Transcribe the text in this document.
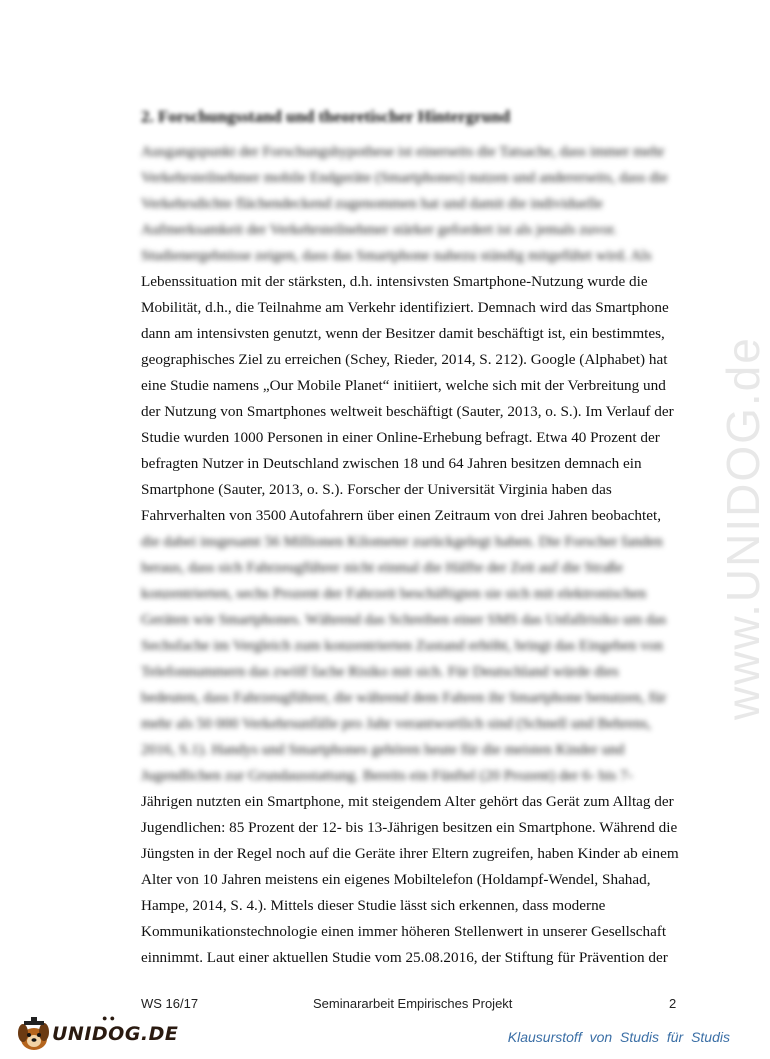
www.UNIDOG.de
2. Forschungsstand und theoretischer Hintergrund
Ausgangspunkt der Forschungshypothese ist einerseits die Tatsache, dass immer mehr
Verkehrsteilnehmer mobile Endgeräte (Smartphones) nutzen und andererseits, dass die
Verkehrsdichte flächendeckend zugenommen hat und damit die individuelle
Aufmerksamkeit der Verkehrsteilnehmer stärker gefordert ist als jemals zuvor.
Studienergebnisse zeigen, dass das Smartphone nahezu ständig mitgeführt wird. Als
Lebenssituation mit der stärksten, d.h. intensivsten Smartphone-Nutzung wurde die
Mobilität, d.h., die Teilnahme am Verkehr identifiziert. Demnach wird das Smartphone
dann am intensivsten genutzt, wenn der Besitzer damit beschäftigt ist, ein bestimmtes,
geographisches Ziel zu erreichen (Schey, Rieder, 2014, S. 212). Google (Alphabet) hat
eine Studie namens „Our Mobile Planet“ initiiert, welche sich mit der Verbreitung und
der Nutzung von Smartphones weltweit beschäftigt (Sauter, 2013, o. S.). Im Verlauf der
Studie wurden 1000 Personen in einer Online-Erhebung befragt. Etwa 40 Prozent der
befragten Nutzer in Deutschland zwischen 18 und 64 Jahren besitzen demnach ein
Smartphone (Sauter, 2013, o. S.). Forscher der Universität Virginia haben das
Fahrverhalten von 3500 Autofahrern über einen Zeitraum von drei Jahren beobachtet,
die dabei insgesamt 56 Millionen Kilometer zurückgelegt haben. Die Forscher fanden
heraus, dass sich Fahrzeugführer nicht einmal die Hälfte der Zeit auf die Straße
konzentrierten, sechs Prozent der Fahrzeit beschäftigten sie sich mit elektronischen
Geräten wie Smartphones. Während das Schreiben einer SMS das Unfallrisiko um das
Sechsfache im Vergleich zum konzentrierten Zustand erhöht, bringt das Eingeben von
Telefonnummern das zwölf fache Risiko mit sich. Für Deutschland würde dies
bedeuten, dass Fahrzeugführer, die während dem Fahren ihr Smartphone benutzen, für
mehr als 50 000 Verkehrsunfälle pro Jahr verantwortlich sind (Schnell und Behrens,
2016, S.1). Handys und Smartphones gehören heute für die meisten Kinder und
Jugendlichen zur Grundausstattung. Bereits ein Fünftel (20 Prozent) der 6- bis 7-
Jährigen nutzten ein Smartphone, mit steigendem Alter gehört das Gerät zum Alltag der
Jugendlichen: 85 Prozent der 12- bis 13-Jährigen besitzen ein Smartphone. Während die
Jüngsten in der Regel noch auf die Geräte ihrer Eltern zugreifen, haben Kinder ab einem
Alter von 10 Jahren meistens ein eigenes Mobiltelefon (Holdampf-Wendel, Shahad,
Hampe, 2014, S. 4.). Mittels dieser Studie lässt sich erkennen, dass moderne
Kommunikationstechnologie einen immer höheren Stellenwert in unserer Gesellschaft
einnimmt. Laut einer aktuellen Studie vom 25.08.2016, der Stiftung für Prävention der
WS 16/17	Seminararbeit Empirisches Projekt	2
UNIDOG.DE
● ●
Klausurstoff von Studis für Studis
